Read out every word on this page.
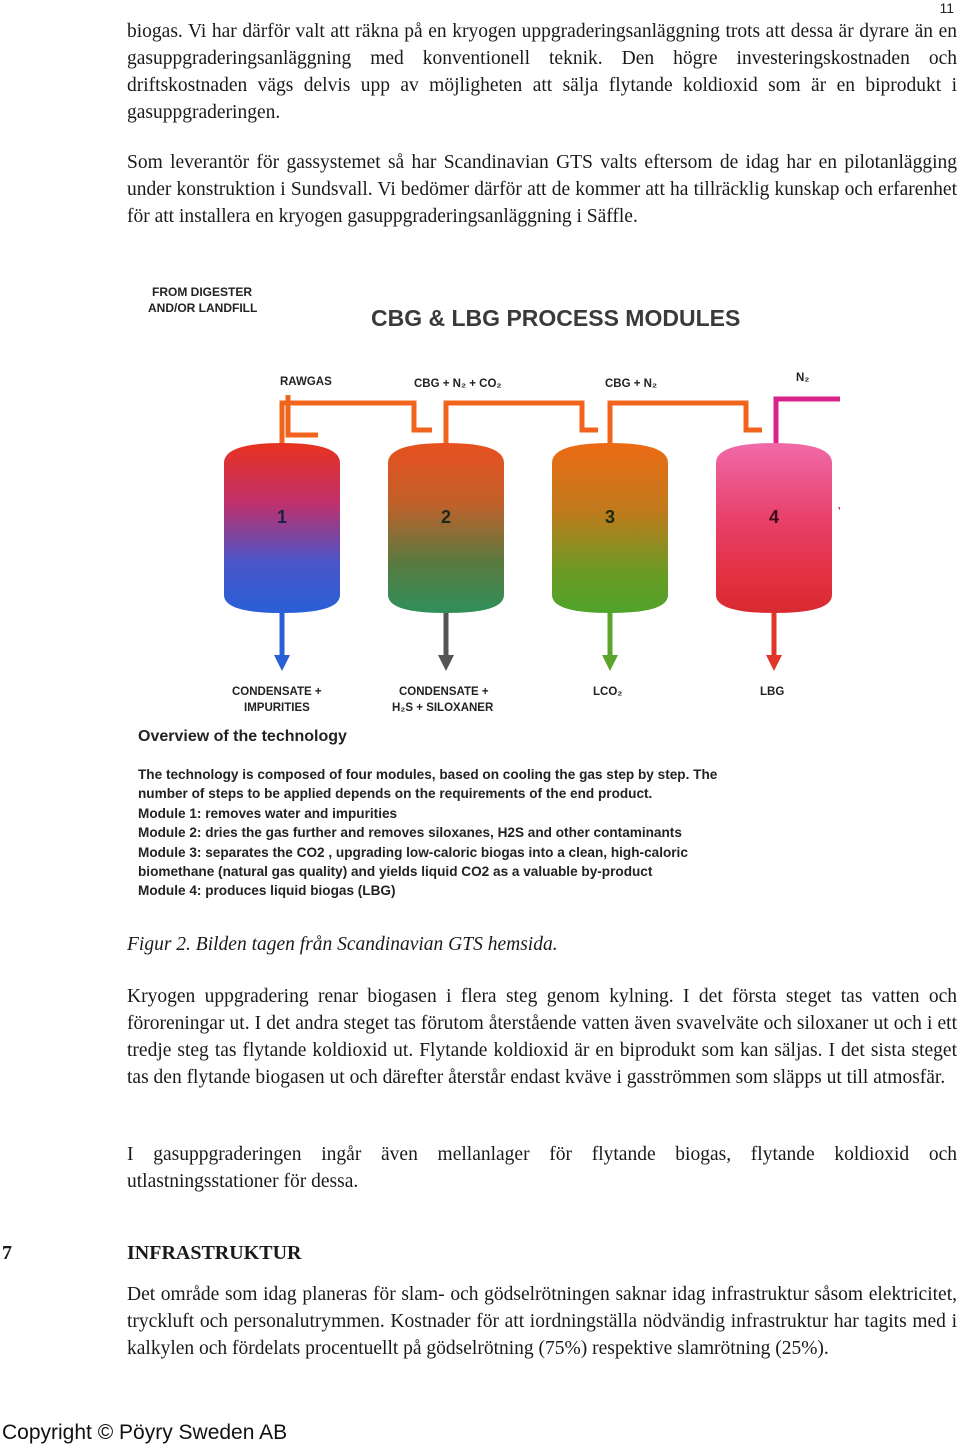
11

biogas. Vi har därför valt att räkna på en kryogen uppgraderingsanläggning trots att dessa är dyrare än en gasuppgraderingsanläggning med konventionell teknik. Den högre investeringskostnaden och driftskostnaden vägs delvis upp av möjligheten att sälja flytande koldioxid som är en biprodukt i gasuppgraderingen.

Som leverantör för gassystemet så har Scandinavian GTS valts eftersom de idag har en pilotanlägging under konstruktion i Sundsvall. Vi bedömer därför att de kommer att ha tillräcklig kunskap och erfarenhet för att installera en kryogen gasuppgraderingsanläggning i Säffle.

FROM DIGESTER
AND/OR LANDFILL	CBG & LBG PROCESS MODULES
RAWGAS	CBG + N₂ + CO₂	CBG + N₂	N₂
1	2	3	4
CONDENSATE +
IMPURITIES
CONDENSATE +
H₂S + SILOXANER
LCO₂	LBG
Overview of the technology
The technology is composed of four modules, based on cooling the gas step by step. The
number of steps to be applied depends on the requirements of the end product.
Module 1: removes water and impurities
Module 2: dries the gas further and removes siloxanes, H2S and other contaminants
Module 3: separates the CO2 , upgrading low-caloric biogas into a clean, high-caloric
biomethane (natural gas quality) and yields liquid CO2 as a valuable by-product
Module 4: produces liquid biogas (LBG)
Figur 2. Bilden tagen från Scandinavian GTS hemsida.

Kryogen uppgradering renar biogasen i flera steg genom kylning. I det första steget tas vatten och föroreningar ut. I det andra steget tas förutom återstående vatten även svavelväte och siloxaner ut och i ett tredje steg tas flytande koldioxid ut. Flytande koldioxid är en biprodukt som kan säljas. I det sista steget tas den flytande biogasen ut och därefter återstår endast kväve i gasströmmen som släpps ut till atmosfär.

I gasuppgraderingen ingår även mellanlager för flytande biogas, flytande koldioxid och utlastningsstationer för dessa.

7	INFRASTRUKTUR

Det område som idag planeras för slam- och gödselrötningen saknar idag infrastruktur såsom elektricitet, tryckluft och personalutrymmen. Kostnader för att iordningställa nödvändig infrastruktur har tagits med i kalkylen och fördelats procentuellt på gödselrötning (75%) respektive slamrötning (25%).

Copyright © Pöyry Sweden AB
